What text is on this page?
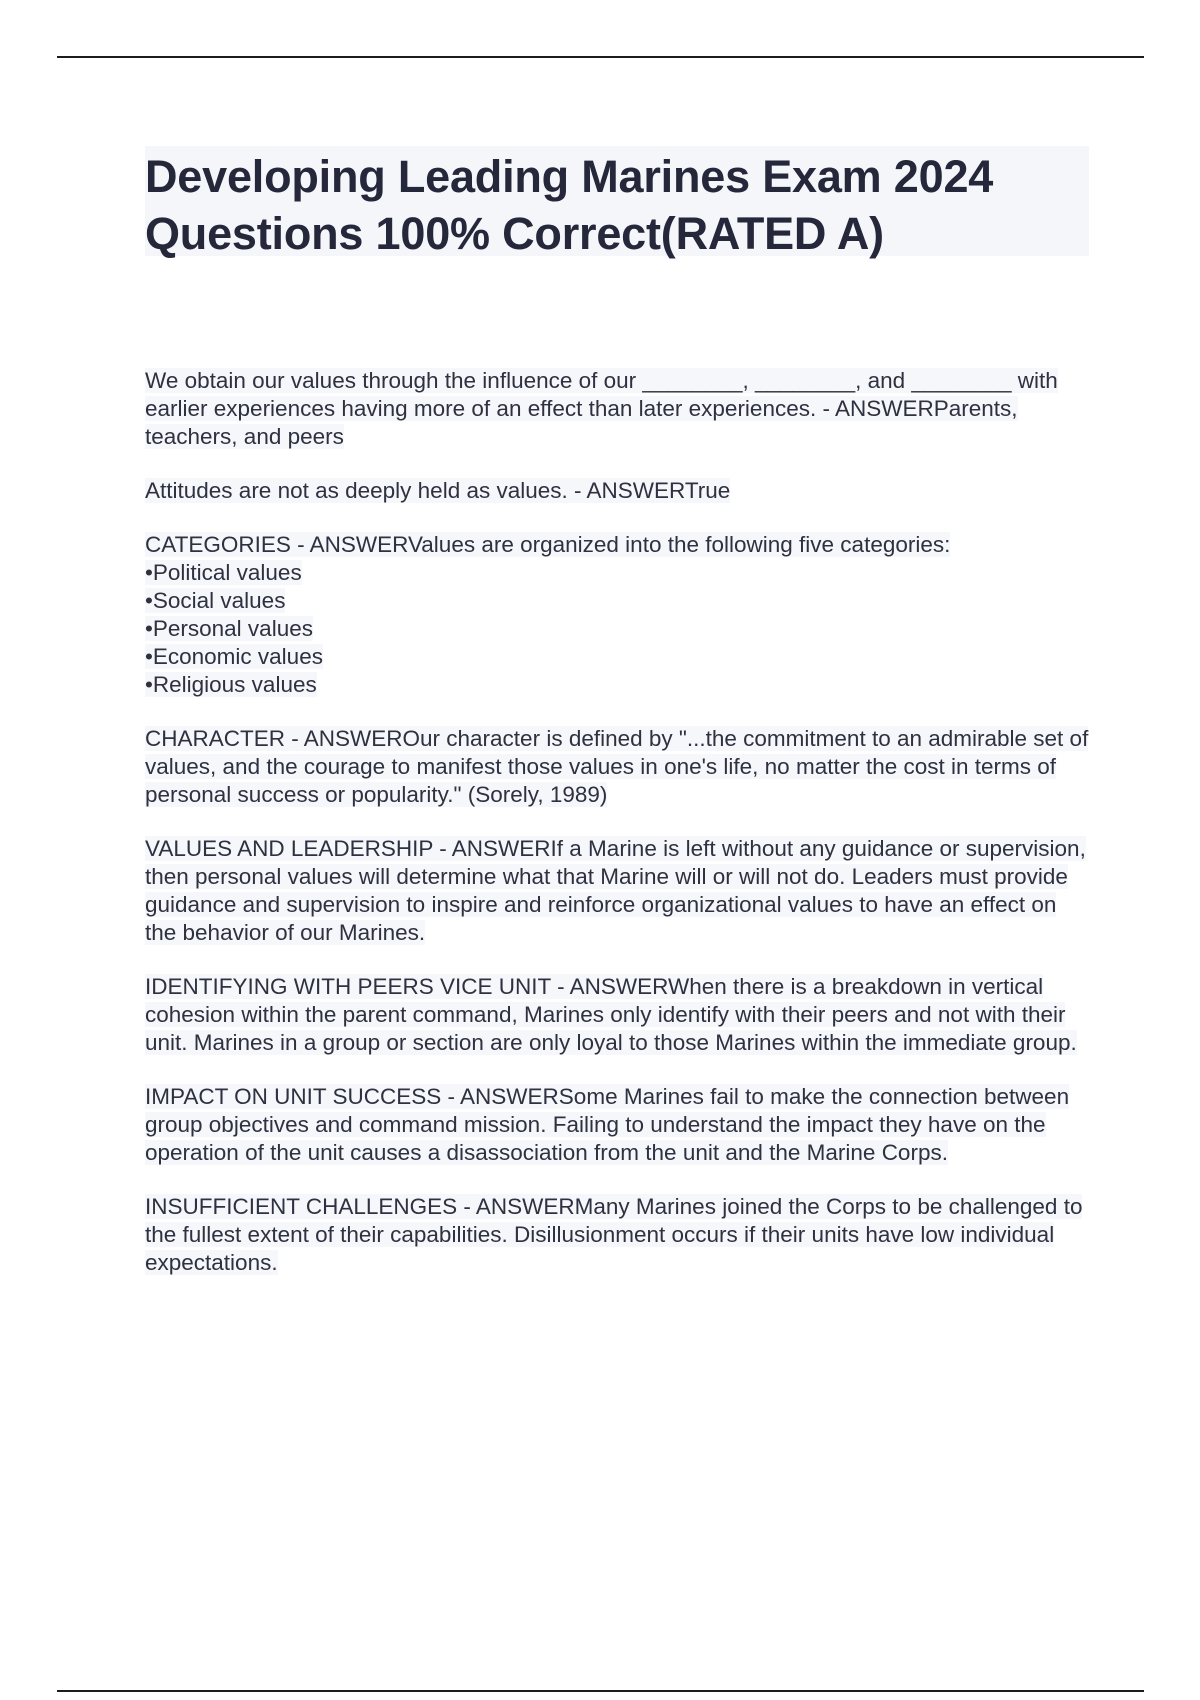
Developing Leading Marines Exam 2024 Questions 100% Correct(RATED A)

We obtain our values through the influence of our ________, ________, and ________ with earlier experiences having more of an effect than later experiences. - ANSWERParents, teachers, and peers

Attitudes are not as deeply held as values. - ANSWERTrue

CATEGORIES - ANSWERValues are organized into the following five categories:
•Political values
•Social values
•Personal values
•Economic values
•Religious values

CHARACTER - ANSWEROur character is defined by "...the commitment to an admirable set of values, and the courage to manifest those values in one's life, no matter the cost in terms of personal success or popularity." (Sorely, 1989)

VALUES AND LEADERSHIP - ANSWERIf a Marine is left without any guidance or supervision, then personal values will determine what that Marine will or will not do. Leaders must provide guidance and supervision to inspire and reinforce organizational values to have an effect on the behavior of our Marines.

IDENTIFYING WITH PEERS VICE UNIT - ANSWERWhen there is a breakdown in vertical cohesion within the parent command, Marines only identify with their peers and not with their unit. Marines in a group or section are only loyal to those Marines within the immediate group.

IMPACT ON UNIT SUCCESS - ANSWERSome Marines fail to make the connection between group objectives and command mission. Failing to understand the impact they have on the operation of the unit causes a disassociation from the unit and the Marine Corps.

INSUFFICIENT CHALLENGES - ANSWERMany Marines joined the Corps to be challenged to the fullest extent of their capabilities. Disillusionment occurs if their units have low individual expectations.
